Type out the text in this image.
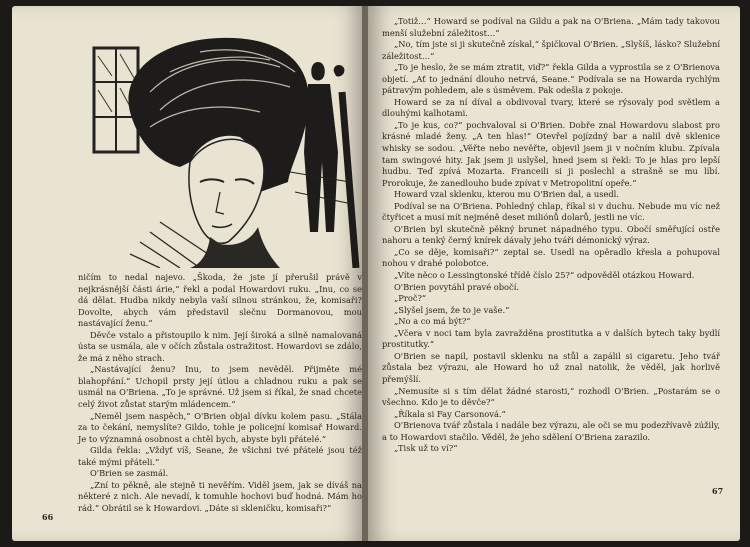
ničím to nedal najevo. „Škoda, že jste jí přerušil právě v nejkrásnější části árie,“ řekl a podal Howardovi ruku. „Inu, co se dá dělat. Hudba nikdy nebyla vaší silnou stránkou, že, komisaři? Dovolte, abych vám představil slečnu Dormanovou, mou nastávající ženu.“

Děvče vstalo a přistoupilo k nim. Její široká a silně namalovaná ústa se usmála, ale v očích zůstala ostražitost. Howardovi se zdálo, že má z něho strach.

„Nastávající ženu? Inu, to jsem nevěděl. Přijměte mé blahopřání.“ Uchopil prsty její útlou a chladnou ruku a pak se usmál na O'Briena. „To je správné. Už jsem si říkal, že snad chcete celý život zůstat starým mládencem.“

„Neměl jsem naspěch,“ O'Brien objal dívku kolem pasu. „Stála za to čekání, nemyslíte? Gildo, tohle je policejní komisař Howard. Je to významná osobnost a chtěl bych, abyste byli přátelé.“

Gilda řekla: „Vždyť víš, Seane, že všichni tvé přátelé jsou též také mými přáteli.“

O'Brien se zasmál.

„Zní to pěkně, ale stejně ti nevěřím. Viděl jsem, jak se díváš na některé z nich. Ale nevadí, k tomuhle hochovi buď hodná. Mám ho rád.“ Obrátil se k Howardovi. „Dáte si skleničku, komisaři?“

66

„Totiž…“ Howard se podíval na Gildu a pak na O'Briena. „Mám tady takovou menší služební záležitost…“

„No, tím jste si ji skutečně získal,“ špičkoval O'Brien. „Slyšíš, lásko? Služební záležitost…“

„To je heslo, že se mám ztratit, viď?“ řekla Gilda a vyprostila se z O'Brienova objetí. „Ať to jednání dlouho netrvá, Seane.“ Podívala se na Howarda rychlým pátravým pohledem, ale s úsměvem. Pak odešla z pokoje.

Howard se za ní díval a obdivoval tvary, které se rýsovaly pod světlem a dlouhými kalhotami.

„To je kus, co?“ pochvaloval si O'Brien. Dobře znal Howardovu slabost pro krásné mladé ženy. „A ten hlas!“ Otevřel pojízdný bar a nalil dvě sklenice whisky se sodou. „Věřte nebo nevěřte, objevil jsem ji v nočním klubu. Zpívala tam swingové hity. Jak jsem ji uslyšel, hned jsem si řekl: To je hlas pro lepší hudbu. Teď zpívá Mozarta. Franceili si ji poslechl a strašně se mu líbí. Prorokuje, že zanedlouho bude zpívat v Metropolitní opeře.“

Howard vzal sklenku, kterou mu O'Brien dal, a usedl.

Podíval se na O'Briena. Pohledný chlap, říkal si v duchu. Nebude mu víc než čtyřicet a musí mít nejméně deset miliónů dolarů, jestli ne víc.

O'Brien byl skutečně pěkný brunet nápadného typu. Obočí směřující ostře nahoru a tenký černý knírek dávaly jeho tváři démonický výraz.

„Co se děje, komisaři?“ zeptal se. Usedl na opěradlo křesla a pohupoval nohou v drahé polobotce.

„Víte něco o Lessingtonské třídě číslo 25?“ odpověděl otázkou Howard.

O'Brien povytáhl pravé obočí.

„Proč?“

„Slyšel jsem, že to je vaše.“

„No a co má být?“

„Včera v noci tam byla zavražděna prostitutka a v dalších bytech taky bydlí prostitutky.“

O'Brien se napil, postavil sklenku na stůl a zapálil si cigaretu. Jeho tvář zůstala bez výrazu, ale Howard ho už znal natolik, že věděl, jak horlivě přemýšlí.

„Nemusíte si s tím dělat žádné starosti,“ rozhodl O'Brien. „Postarám se o všechno. Kdo je to děvče?“

„Říkala si Fay Carsonová.“

O'Brienova tvář zůstala i nadále bez výrazu, ale oči se mu podezřívavě zúžily, a to Howardovi stačilo. Věděl, že jeho sdělení O'Briena zarazilo.

„Tisk už to ví?“

67
